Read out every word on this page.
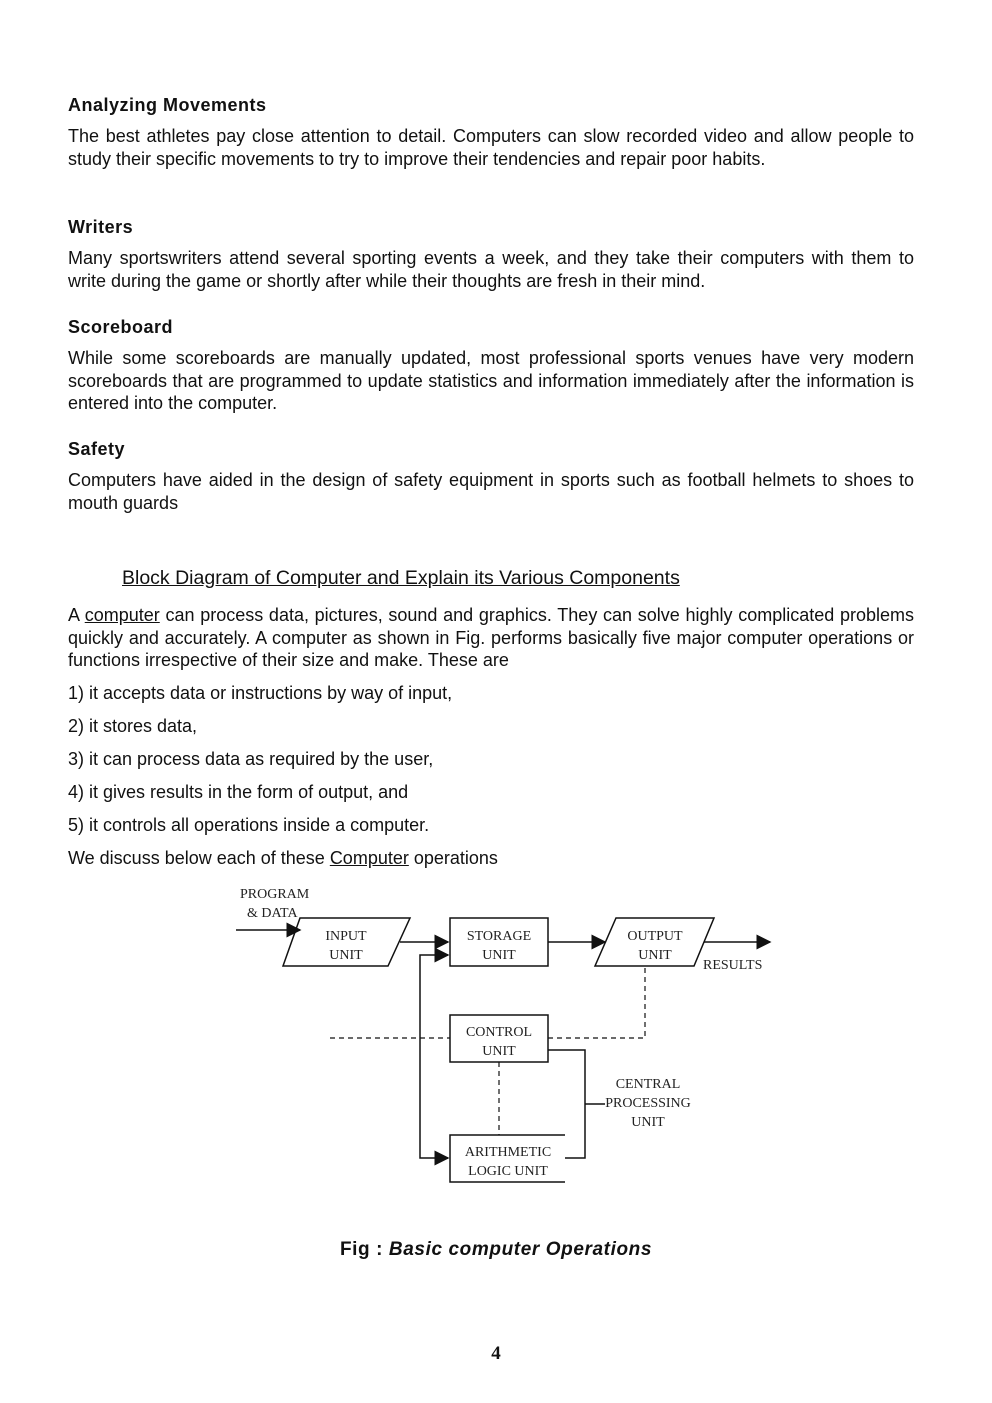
Analyzing Movements

The best athletes pay close attention to detail. Computers can slow recorded video and allow people to study their specific movements to try to improve their tendencies and repair poor habits.

Writers

Many sportswriters attend several sporting events a week, and they take their computers with them to write during the game or shortly after while their thoughts are fresh in their mind.

Scoreboard

While some scoreboards are manually updated, most professional sports venues have very modern scoreboards that are programmed to update statistics and information immediately after the information is entered into the computer.

Safety

Computers have aided in the design of safety equipment in sports such as football helmets to shoes to mouth guards

Block Diagram of Computer and Explain its Various Components

A computer can process data, pictures, sound and graphics. They can solve highly complicated problems quickly and accurately. A computer as shown in Fig. performs basically five major computer operations or functions irrespective of their size and make. These are

1) it accepts data or instructions by way of input,
2) it stores data,
3) it can process data as required by the user,
4) it gives results in the form of output, and
5) it controls all operations inside a computer.
We discuss below each of these Computer operations
PROGRAM
& DATA
INPUT
UNIT
STORAGE
UNIT
OUTPUT
UNIT
RESULTS
CONTROL
UNIT
ARITHMETIC
LOGIC UNIT
CENTRAL
PROCESSING
UNIT
Fig : Basic computer Operations
4
